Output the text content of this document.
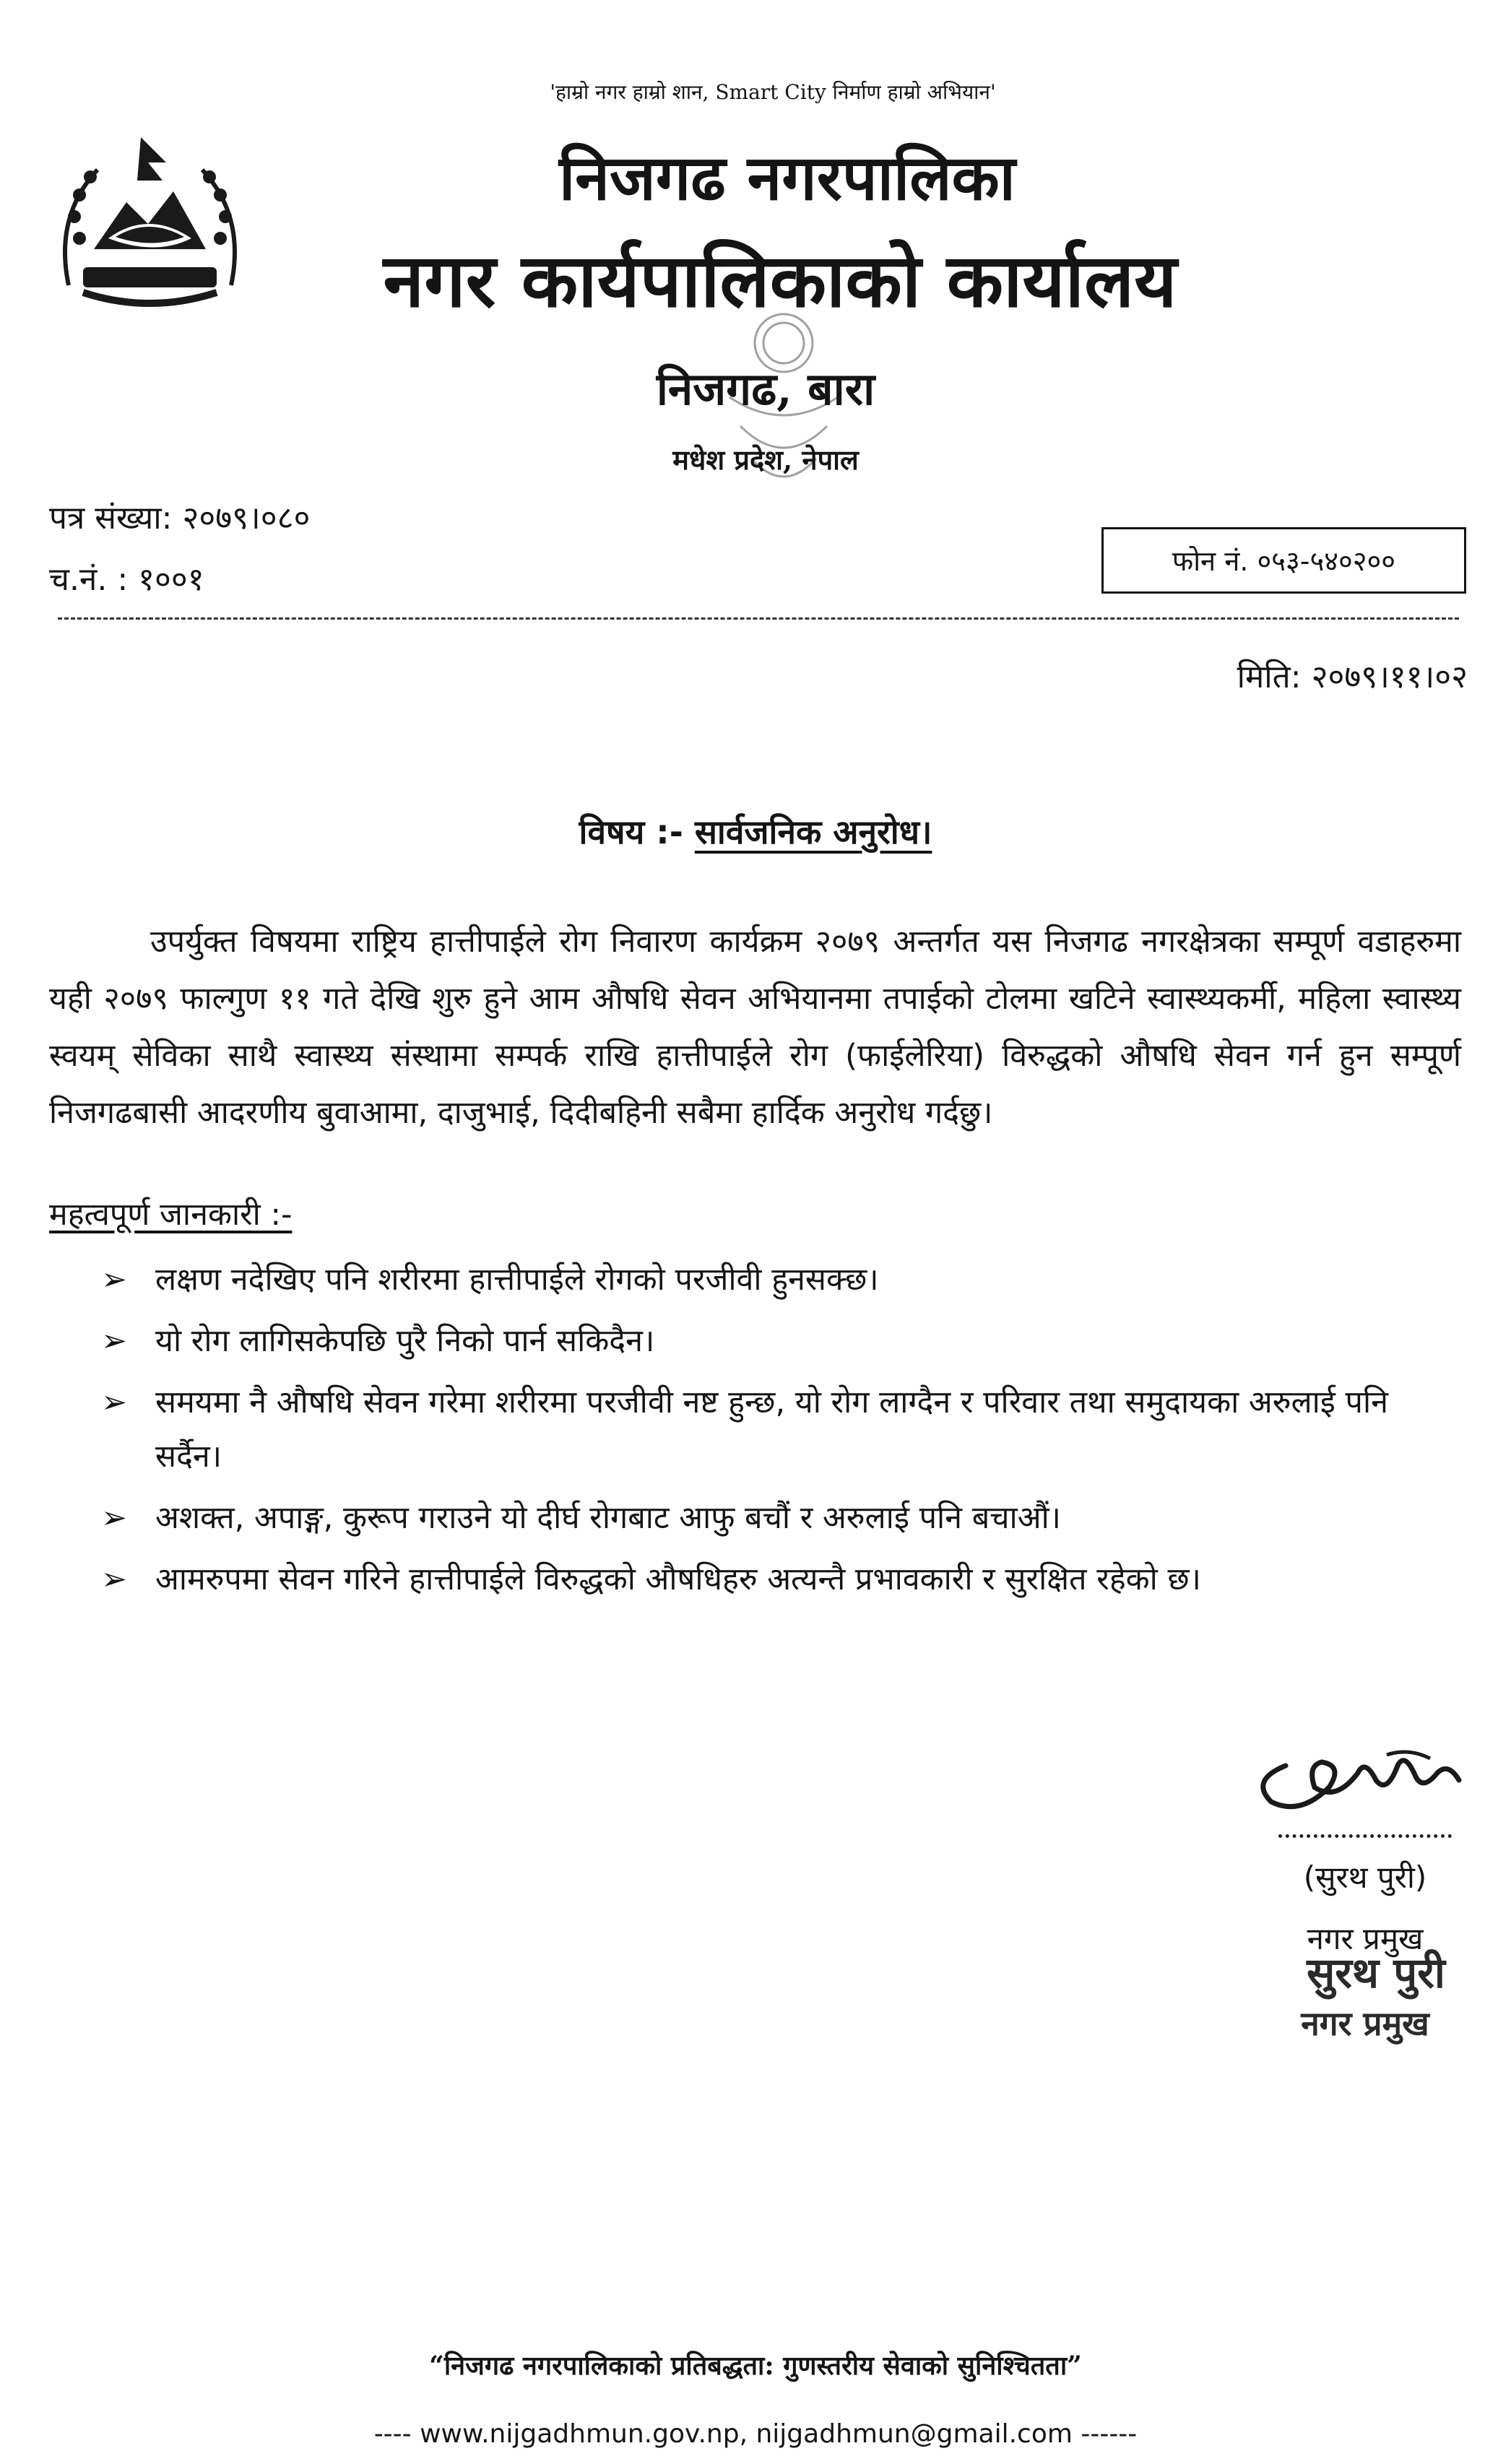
'हाम्रो नगर हाम्रो शान, Smart City निर्माण हाम्रो अभियान'
निजगढ नगरपालिका
नगर कार्यपालिकाको कार्यालय
निजगढ, बारा
मधेश प्रदेश, नेपाल
पत्र संख्या: २०७९।०८०
च.नं. : १००१	फोन नं.
०५३-५४०२००
मिति: २०७९।११।०२
विषय :- सार्वजनिक अनुरोध।
उपर्युक्त विषयमा राष्ट्रिय हात्तीपाईले रोग निवारण कार्यक्रम २०७९ अन्तर्गत यस निजगढ नगरक्षेत्रका सम्पूर्ण वडाहरुमा यही २०७९ फाल्गुण ११ गते देखि शुरु हुने आम औषधि सेवन अभियानमा तपाईको टोलमा खटिने स्वास्थ्यकर्मी, महिला स्वास्थ्य स्वयम् सेविका साथै स्वास्थ्य संस्थामा सम्पर्क राखि हात्तीपाईले रोग (फाईलेरिया) विरुद्धको औषधि सेवन गर्न हुन सम्पूर्ण निजगढबासी आदरणीय बुवाआमा, दाजुभाई, दिदीबहिनी सबैमा हार्दिक अनुरोध गर्दछु।
महत्वपूर्ण जानकारी :-
➢ लक्षण नदेखिए पनि शरीरमा हात्तीपाईले रोगको परजीवी हुनसक्छ।
➢ यो रोग लागिसकेपछि पुरै निको पार्न सकिदैन।
➢ समयमा नै औषधि सेवन गरेमा शरीरमा परजीवी नष्ट हुन्छ, यो रोग लाग्दैन र परिवार तथा समुदायका अरुलाई पनि सर्दैन।
➢ अशक्त, अपाङ्ग, कुरूप गराउने यो दीर्घ रोगबाट आफु बचौं र अरुलाई पनि बचाऔं।
➢ आमरुपमा सेवन गरिने हात्तीपाईले विरुद्धको औषधिहरु अत्यन्तै प्रभावकारी र सुरक्षित रहेको छ।
(सुरथ पुरी)
नगर प्रमुख
सुरथ पुरी
नगर प्रमुख
“निजगढ नगरपालिकाको प्रतिबद्धता: गुणस्तरीय सेवाको सुनिश्चितता”
---- www.nijgadhmun.gov.np, nijgadhmun@gmail.com ------
